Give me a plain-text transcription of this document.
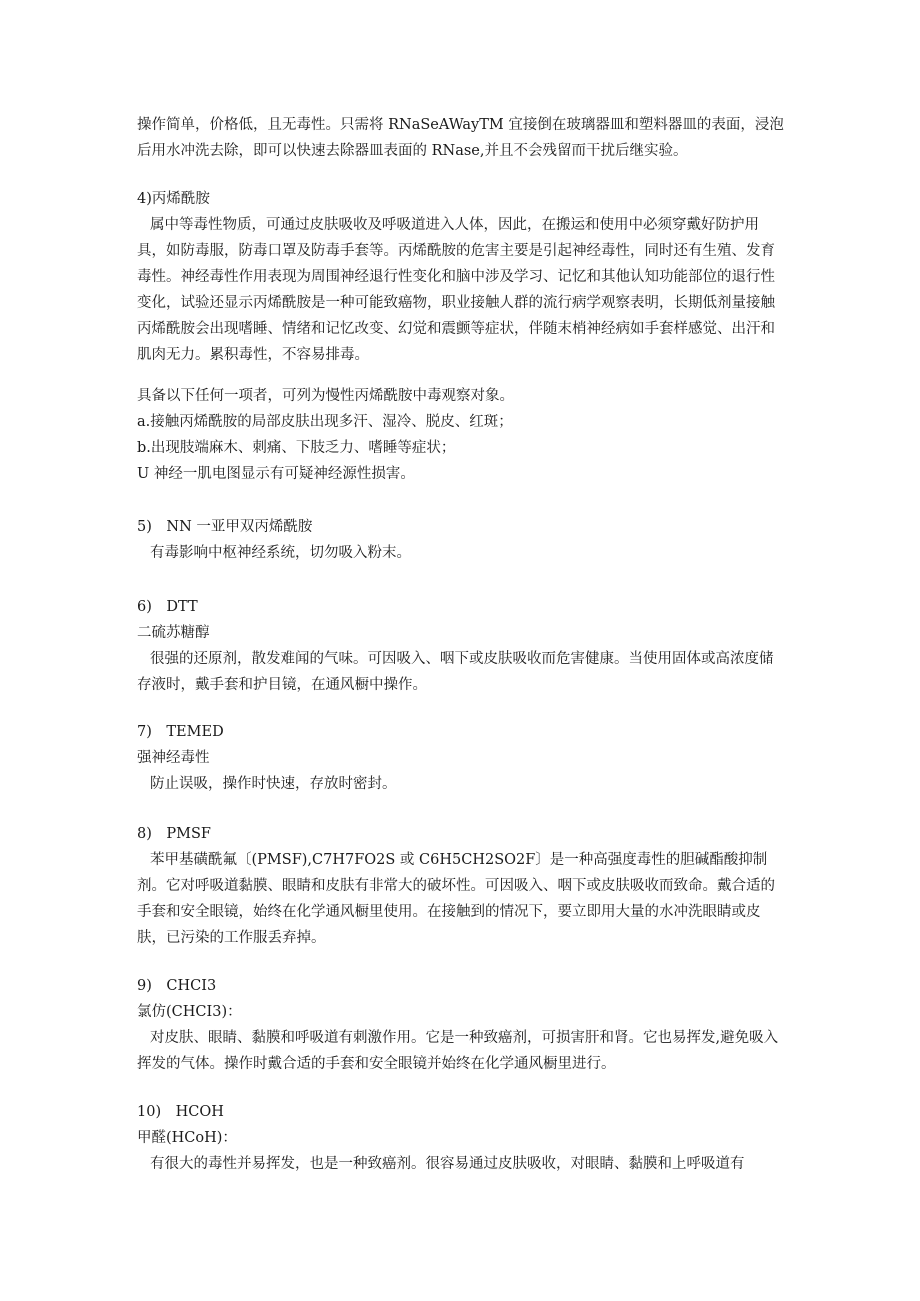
操作简单，价格低，且无毒性。只需将 RNaSeAWayTM 宜接倒在玻璃器皿和塑料器皿的表面，浸泡后用水冲洗去除，即可以快速去除器皿表面的 RNase,并且不会残留而干扰后继实验。

4)丙烯酰胺

属中等毒性物质，可通过皮肤吸收及呼吸道进入人体，因此，在搬运和使用中必须穿戴好防护用具，如防毒服，防毒口罩及防毒手套等。丙烯酰胺的危害主要是引起神经毒性，同时还有生殖、发育毒性。神经毒性作用表现为周围神经退行性变化和脑中涉及学习、记忆和其他认知功能部位的退行性变化，试验还显示丙烯酰胺是一种可能致癌物，职业接触人群的流行病学观察表明，长期低剂量接触丙烯酰胺会出现嗜睡、情绪和记忆改变、幻觉和震颤等症状，伴随末梢神经病如手套样感觉、出汗和肌肉无力。累积毒性，不容易排毒。

具备以下任何一项者，可列为慢性丙烯酰胺中毒观察对象。

a.接触丙烯酰胺的局部皮肤出现多汗、湿冷、脱皮、红斑；

b.出现肢端麻木、刺痛、下肢乏力、嗜睡等症状；

U 神经一肌电图显示有可疑神经源性损害。

5)　NN 一亚甲双丙烯酰胺

有毒影响中枢神经系统，切勿吸入粉末。

6)　DTT

二硫苏糖醇

很强的还原剂，散发难闻的气味。可因吸入、咽下或皮肤吸收而危害健康。当使用固体或高浓度储存液时，戴手套和护目镜，在通风橱中操作。

7)　TEMED

强神经毒性

防止误吸，操作时快速，存放时密封。

8)　PMSF

苯甲基磺酰氟〔(PMSF),C7H7FO2S 或 C6H5CH2SO2F〕是一种高强度毒性的胆碱酯酸抑制剂。它对呼吸道黏膜、眼睛和皮肤有非常大的破坏性。可因吸入、咽下或皮肤吸收而致命。戴合适的手套和安全眼镜，始终在化学通风橱里使用。在接触到的情况下，要立即用大量的水冲洗眼睛或皮肤，已污染的工作服丢弃掉。

9)　CHCI3

氯仿(CHCI3)：

对皮肤、眼睛、黏膜和呼吸道有刺激作用。它是一种致癌剂，可损害肝和肾。它也易挥发,避免吸入挥发的气体。操作时戴合适的手套和安全眼镜并始终在化学通风橱里进行。

10)　HCOH

甲醛(HCoH)：

有很大的毒性并易挥发，也是一种致癌剂。很容易通过皮肤吸收，对眼睛、黏膜和上呼吸道有
